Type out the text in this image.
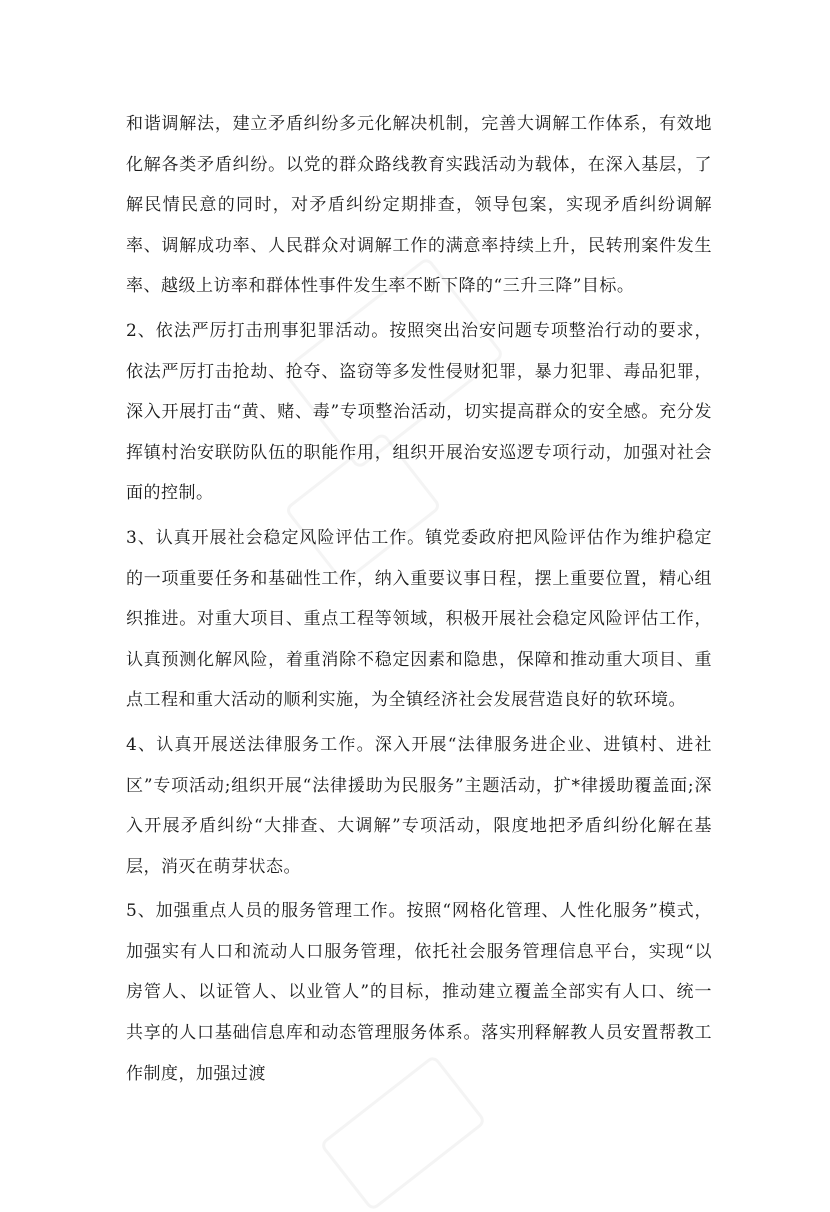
和谐调解法，建立矛盾纠纷多元化解决机制，完善大调解工作体系，有效地化解各类矛盾纠纷。以党的群众路线教育实践活动为载体，在深入基层，了解民情民意的同时，对矛盾纠纷定期排查，领导包案，实现矛盾纠纷调解率、调解成功率、人民群众对调解工作的满意率持续上升，民转刑案件发生率、越级上访率和群体性事件发生率不断下降的“三升三降”目标。

2、依法严厉打击刑事犯罪活动。按照突出治安问题专项整治行动的要求，依法严厉打击抢劫、抢夺、盗窃等多发性侵财犯罪，暴力犯罪、毒品犯罪，深入开展打击“黄、赌、毒”专项整治活动，切实提高群众的安全感。充分发挥镇村治安联防队伍的职能作用，组织开展治安巡逻专项行动，加强对社会面的控制。

3、认真开展社会稳定风险评估工作。镇党委政府把风险评估作为维护稳定的一项重要任务和基础性工作，纳入重要议事日程，摆上重要位置，精心组织推进。对重大项目、重点工程等领域，积极开展社会稳定风险评估工作，认真预测化解风险，着重消除不稳定因素和隐患，保障和推动重大项目、重点工程和重大活动的顺利实施，为全镇经济社会发展营造良好的软环境。

4、认真开展送法律服务工作。深入开展“法律服务进企业、进镇村、进社区”专项活动;组织开展“法律援助为民服务”主题活动，扩*律援助覆盖面;深入开展矛盾纠纷“大排查、大调解”专项活动，限度地把矛盾纠纷化解在基层，消灭在萌芽状态。

5、加强重点人员的服务管理工作。按照“网格化管理、人性化服务”模式，加强实有人口和流动人口服务管理，依托社会服务管理信息平台，实现“以房管人、以证管人、以业管人”的目标，推动建立覆盖全部实有人口、统一共享的人口基础信息库和动态管理服务体系。落实刑释解教人员安置帮教工作制度，加强过渡
